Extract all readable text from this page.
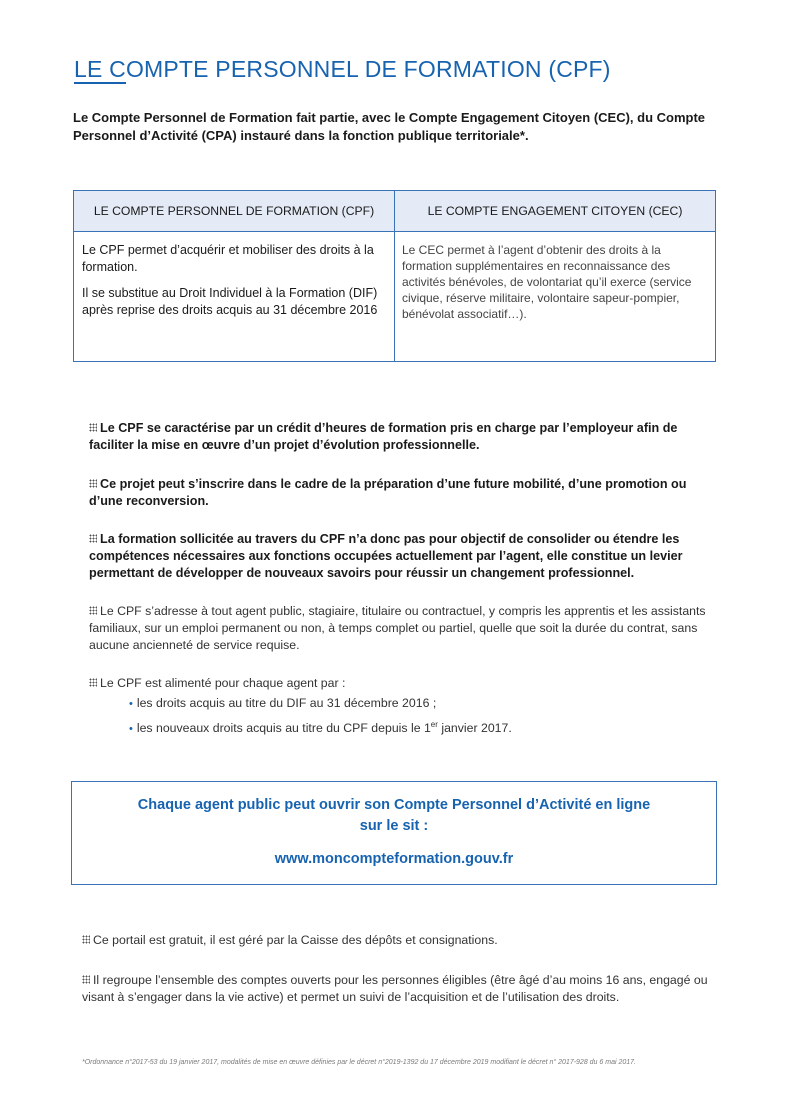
LE COMPTE PERSONNEL DE FORMATION (CPF)
Le Compte Personnel de Formation fait partie, avec le Compte Engagement Citoyen (CEC), du Compte Personnel d’Activité (CPA) instauré dans la fonction publique territoriale*.
LE COMPTE PERSONNEL DE FORMATION (CPF)

Le CPF permet d’acquérir et mobiliser des droits à la formation.

Il se substitue au Droit Individuel à la Formation (DIF) après reprise des droits acquis au 31 décembre 2016

LE COMPTE ENGAGEMENT CITOYEN (CEC)

Le CEC permet à l’agent d’obtenir des droits à la formation supplémentaires en reconnaissance des activités bénévoles, de volontariat qu’il exerce (service civique, réserve militaire, volontaire sapeur-pompier, bénévolat associatif…).

Le CPF se caractérise par un crédit d’heures de formation pris en charge par l’employeur afin de faciliter la mise en œuvre d’un projet d’évolution professionnelle.
Ce projet peut s’inscrire dans le cadre de la préparation d’une future mobilité, d’une promotion ou d’une reconversion.
La formation sollicitée au travers du CPF n’a donc pas pour objectif de consolider ou étendre les compétences nécessaires aux fonctions occupées actuellement par l’agent, elle constitue un levier permettant de développer de nouveaux savoirs pour réussir un changement professionnel.
Le CPF s’adresse à tout agent public, stagiaire, titulaire ou contractuel, y compris les apprentis et les assistants familiaux, sur un emploi permanent ou non, à temps complet ou partiel, quelle que soit la durée du contrat, sans aucune ancienneté de service requise.
Le CPF est alimenté pour chaque agent par :
• les droits acquis au titre du DIF au 31 décembre 2016 ;
• les nouveaux droits acquis au titre du CPF depuis le 1er janvier 2017.
Chaque agent public peut ouvrir son Compte Personnel d’Activité en ligne
sur le sit :
www.moncompteformation.gouv.fr
Ce portail est gratuit, il est géré par la Caisse des dépôts et consignations.
Il regroupe l’ensemble des comptes ouverts pour les personnes éligibles (être âgé d’au moins 16 ans, engagé ou visant à s’engager dans la vie active) et permet un suivi de l’acquisition et de l’utilisation des droits.
*Ordonnance n°2017-53 du 19 janvier 2017, modalités de mise en œuvre définies par le décret n°2019-1392 du 17 décembre 2019 modifiant le décret n° 2017-928 du 6 mai 2017.
